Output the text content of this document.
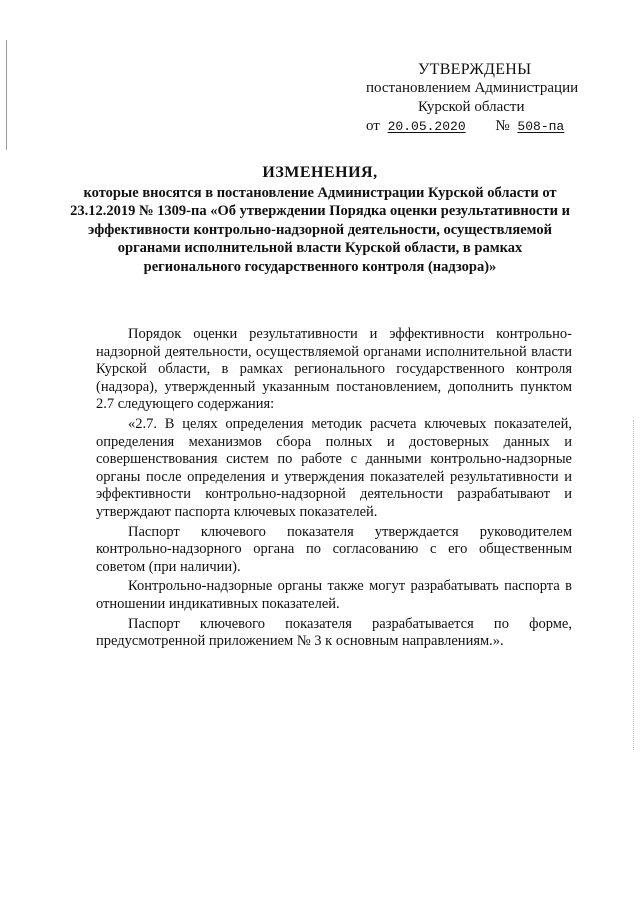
УТВЕРЖДЕНЫ
постановлением Администрации
Курской области
от 20.05.2020 № 508-па
ИЗМЕНЕНИЯ,
которые вносятся в постановление Администрации Курской области от 23.12.2019 № 1309-па «Об утверждении Порядка оценки результативности и эффективности контрольно-надзорной деятельности, осуществляемой органами исполнительной власти Курской области, в рамках регионального государственного контроля (надзора)»

Порядок оценки результативности и эффективности контрольно-надзорной деятельности, осуществляемой органами исполнительной власти Курской области, в рамках регионального государственного контроля (надзора), утвержденный указанным постановлением, дополнить пунктом 2.7 следующего содержания:

«2.7. В целях определения методик расчета ключевых показателей, определения механизмов сбора полных и достоверных данных и совершенствования систем по работе с данными контрольно-надзорные органы после определения и утверждения показателей результативности и эффективности контрольно-надзорной деятельности разрабатывают и утверждают паспорта ключевых показателей.

Паспорт ключевого показателя утверждается руководителем контрольно-надзорного органа по согласованию с его общественным советом (при наличии).

Контрольно-надзорные органы также могут разрабатывать паспорта в отношении индикативных показателей.

Паспорт ключевого показателя разрабатывается по форме, предусмотренной приложением № 3 к основным направлениям.».
